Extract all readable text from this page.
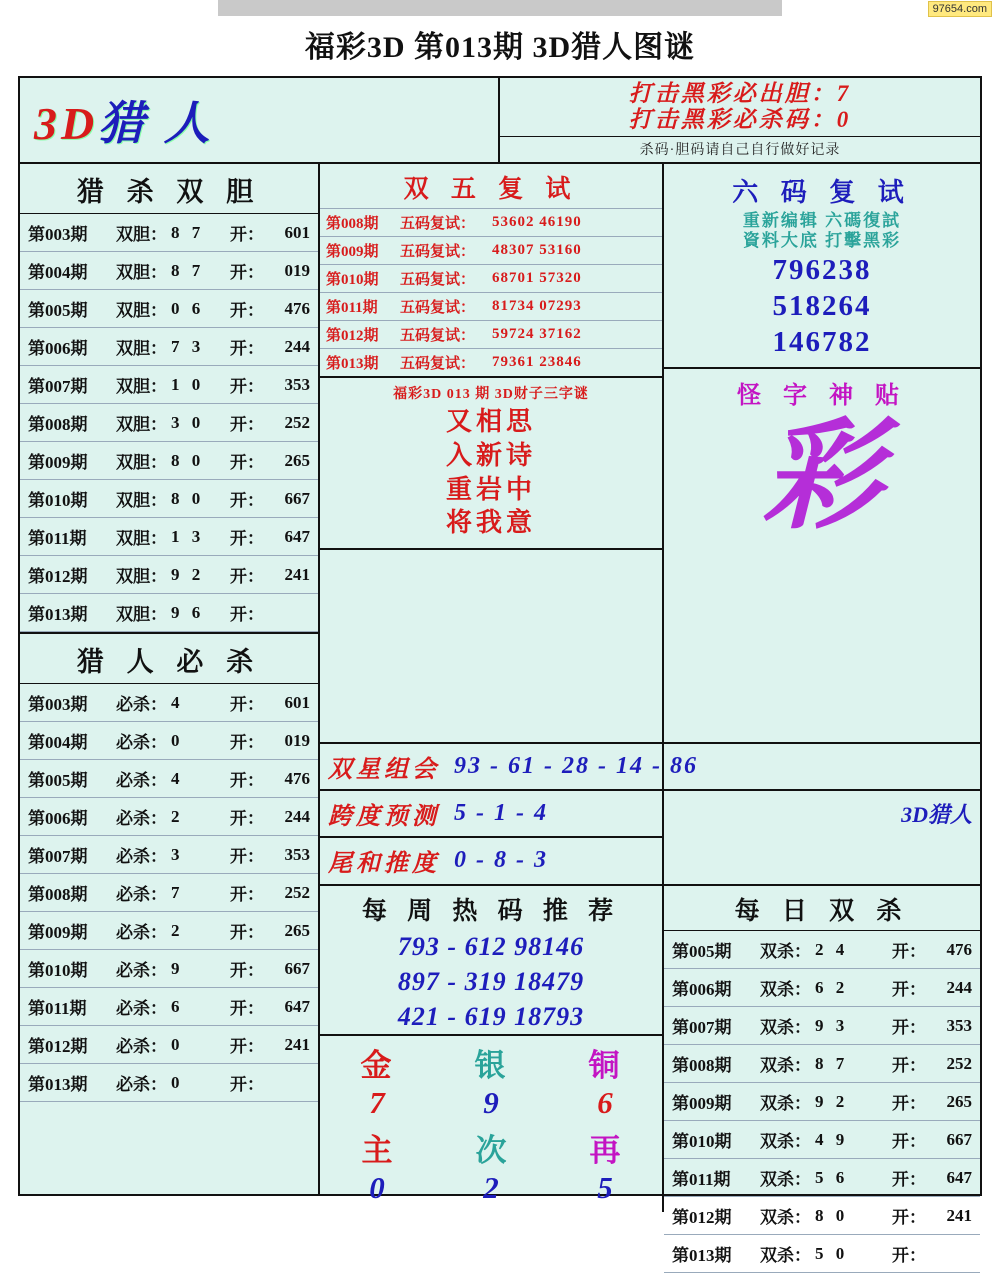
97654.com
福彩3D 第013期 3D猎人图谜
3D猎 人
打击黑彩必出胆：7
打击黑彩必杀码：0
杀码·胆码请自己自行做好记录
猎 杀 双 胆
第003期	双胆： 8 7 开：	601
第004期	双胆： 8 7 开：	019
第005期	双胆： 0 6 开：	476
第006期	双胆： 7 3 开：	244
第007期	双胆： 1 0 开：	353
第008期	双胆： 3 0 开：	252
第009期	双胆： 8 0 开：	265
第010期	双胆： 8 0 开：	667
第011期	双胆： 1 3 开：	647
第012期	双胆： 9 2 开：	241
第013期	双胆： 9 6 开：
猎 人 必 杀
第003期	必杀： 4	开：	601
第004期	必杀： 0	开：	019
第005期	必杀： 4	开：	476
第006期	必杀： 2	开：	244
第007期	必杀： 3	开：	353
第008期	必杀： 7	开：	252
第009期	必杀： 2	开：	265
第010期	必杀： 9	开：	667
第011期	必杀： 6	开：	647
第012期	必杀： 0	开：	241
第013期	必杀： 0	开：
双 五 复 试
第008期	五码复试：	53602 46190
第009期	五码复试：	48307 53160
第010期	五码复试：	68701 57320
第011期	五码复试：	81734 07293
第012期	五码复试：	59724 37162
第013期	五码复试：	79361 23846
福彩3D 013 期 3D财子三字谜
又相思
入新诗
重岩中
将我意
六 码 复 试
重新编辑 六碼復試
資料大底 打擊黑彩
796238
518264
146782
怪 字 神 贴
彩
双星组会 93 - 61 - 28 - 14 - 86
跨度预测 5 - 1 - 4	3D猎人
尾和推度 0 - 8 - 3
每 周 热 码 推 荐
793 - 612 98146
897 - 319 18479
421 - 619 18793
金	银	铜
7	9	6
主	次	再
0	2	5
每 日 双 杀
第005期	双杀： 2 4	开：	476
第006期	双杀： 6 2	开：	244
第007期	双杀： 9 3	开：	353
第008期	双杀： 8 7	开：	252
第009期	双杀： 9 2	开：	265
第010期	双杀： 4 9	开：	667
第011期	双杀： 5 6	开：	647
第012期	双杀： 8 0	开：	241
第013期	双杀： 5 0	开：
